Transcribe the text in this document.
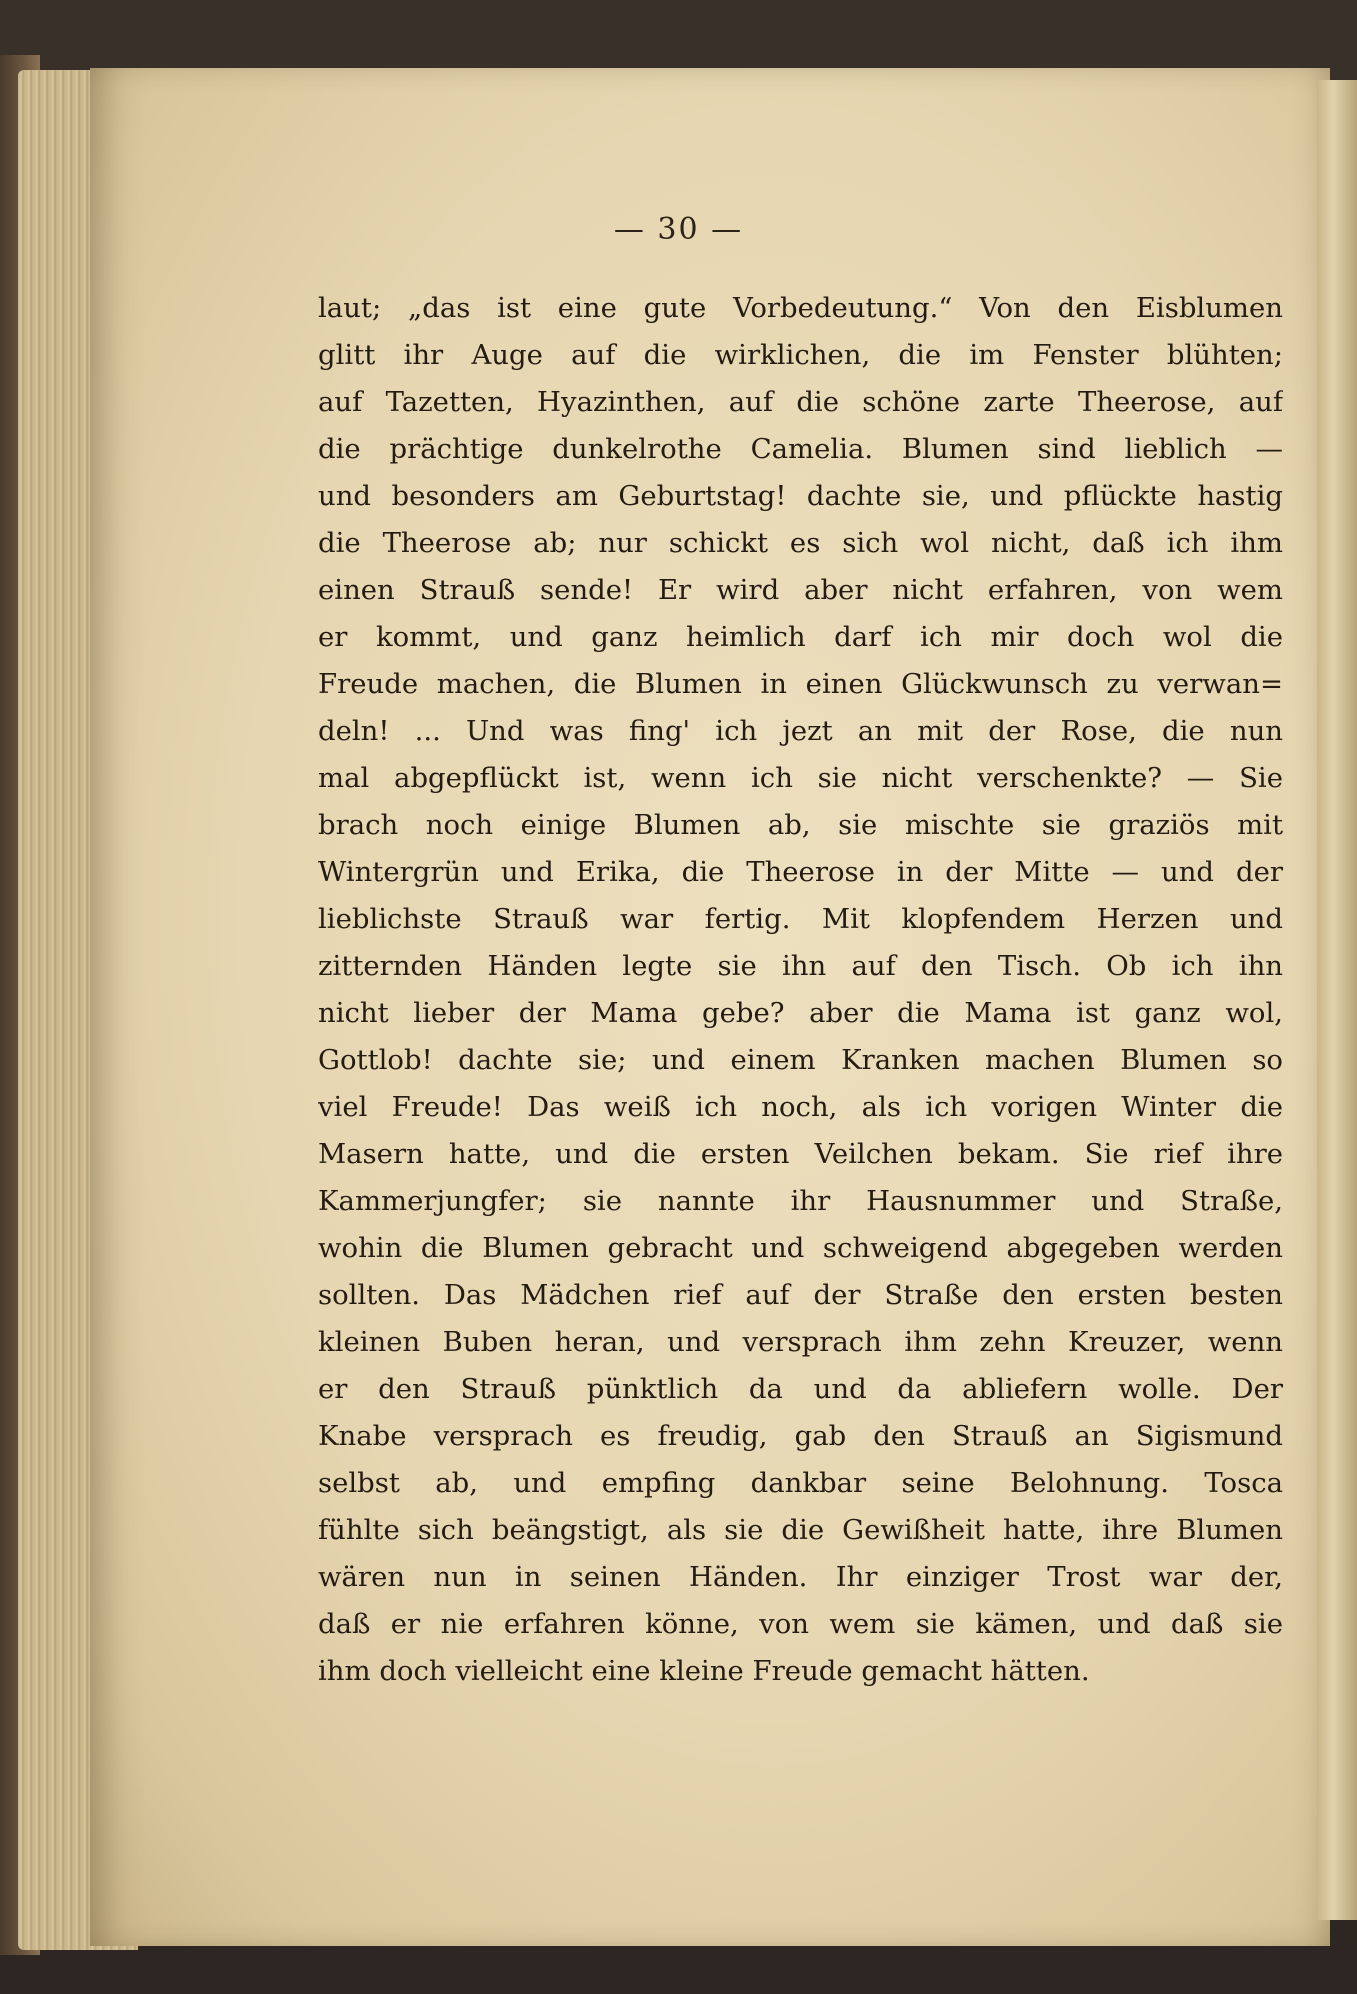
— 30 —
laut; „das ist eine gute Vorbedeutung.“ Von den Eisblumen
glitt ihr Auge auf die wirklichen, die im Fenster blühten;
auf Tazetten, Hyazinthen, auf die schöne zarte Theerose, auf
die prächtige dunkelrothe Camelia. Blumen sind lieblich —
und besonders am Geburtstag! dachte sie, und pflückte hastig
die Theerose ab; nur schickt es sich wol nicht, daß ich ihm
einen Strauß sende! Er wird aber nicht erfahren, von wem
er kommt, und ganz heimlich darf ich mir doch wol die
Freude machen, die Blumen in einen Glückwunsch zu verwan=
deln! ... Und was fing' ich jezt an mit der Rose, die nun
mal abgepflückt ist, wenn ich sie nicht verschenkte? — Sie
brach noch einige Blumen ab, sie mischte sie graziös mit
Wintergrün und Erika, die Theerose in der Mitte — und der
lieblichste Strauß war fertig. Mit klopfendem Herzen und
zitternden Händen legte sie ihn auf den Tisch. Ob ich ihn
nicht lieber der Mama gebe? aber die Mama ist ganz wol,
Gottlob! dachte sie; und einem Kranken machen Blumen so
viel Freude! Das weiß ich noch, als ich vorigen Winter die
Masern hatte, und die ersten Veilchen bekam. Sie rief ihre
Kammerjungfer; sie nannte ihr Hausnummer und Straße,
wohin die Blumen gebracht und schweigend abgegeben werden
sollten. Das Mädchen rief auf der Straße den ersten besten
kleinen Buben heran, und versprach ihm zehn Kreuzer, wenn
er den Strauß pünktlich da und da abliefern wolle. Der
Knabe versprach es freudig, gab den Strauß an Sigismund
selbst ab, und empfing dankbar seine Belohnung. Tosca
fühlte sich beängstigt, als sie die Gewißheit hatte, ihre Blumen
wären nun in seinen Händen. Ihr einziger Trost war der,
daß er nie erfahren könne, von wem sie kämen, und daß sie
ihm doch vielleicht eine kleine Freude gemacht hätten.
